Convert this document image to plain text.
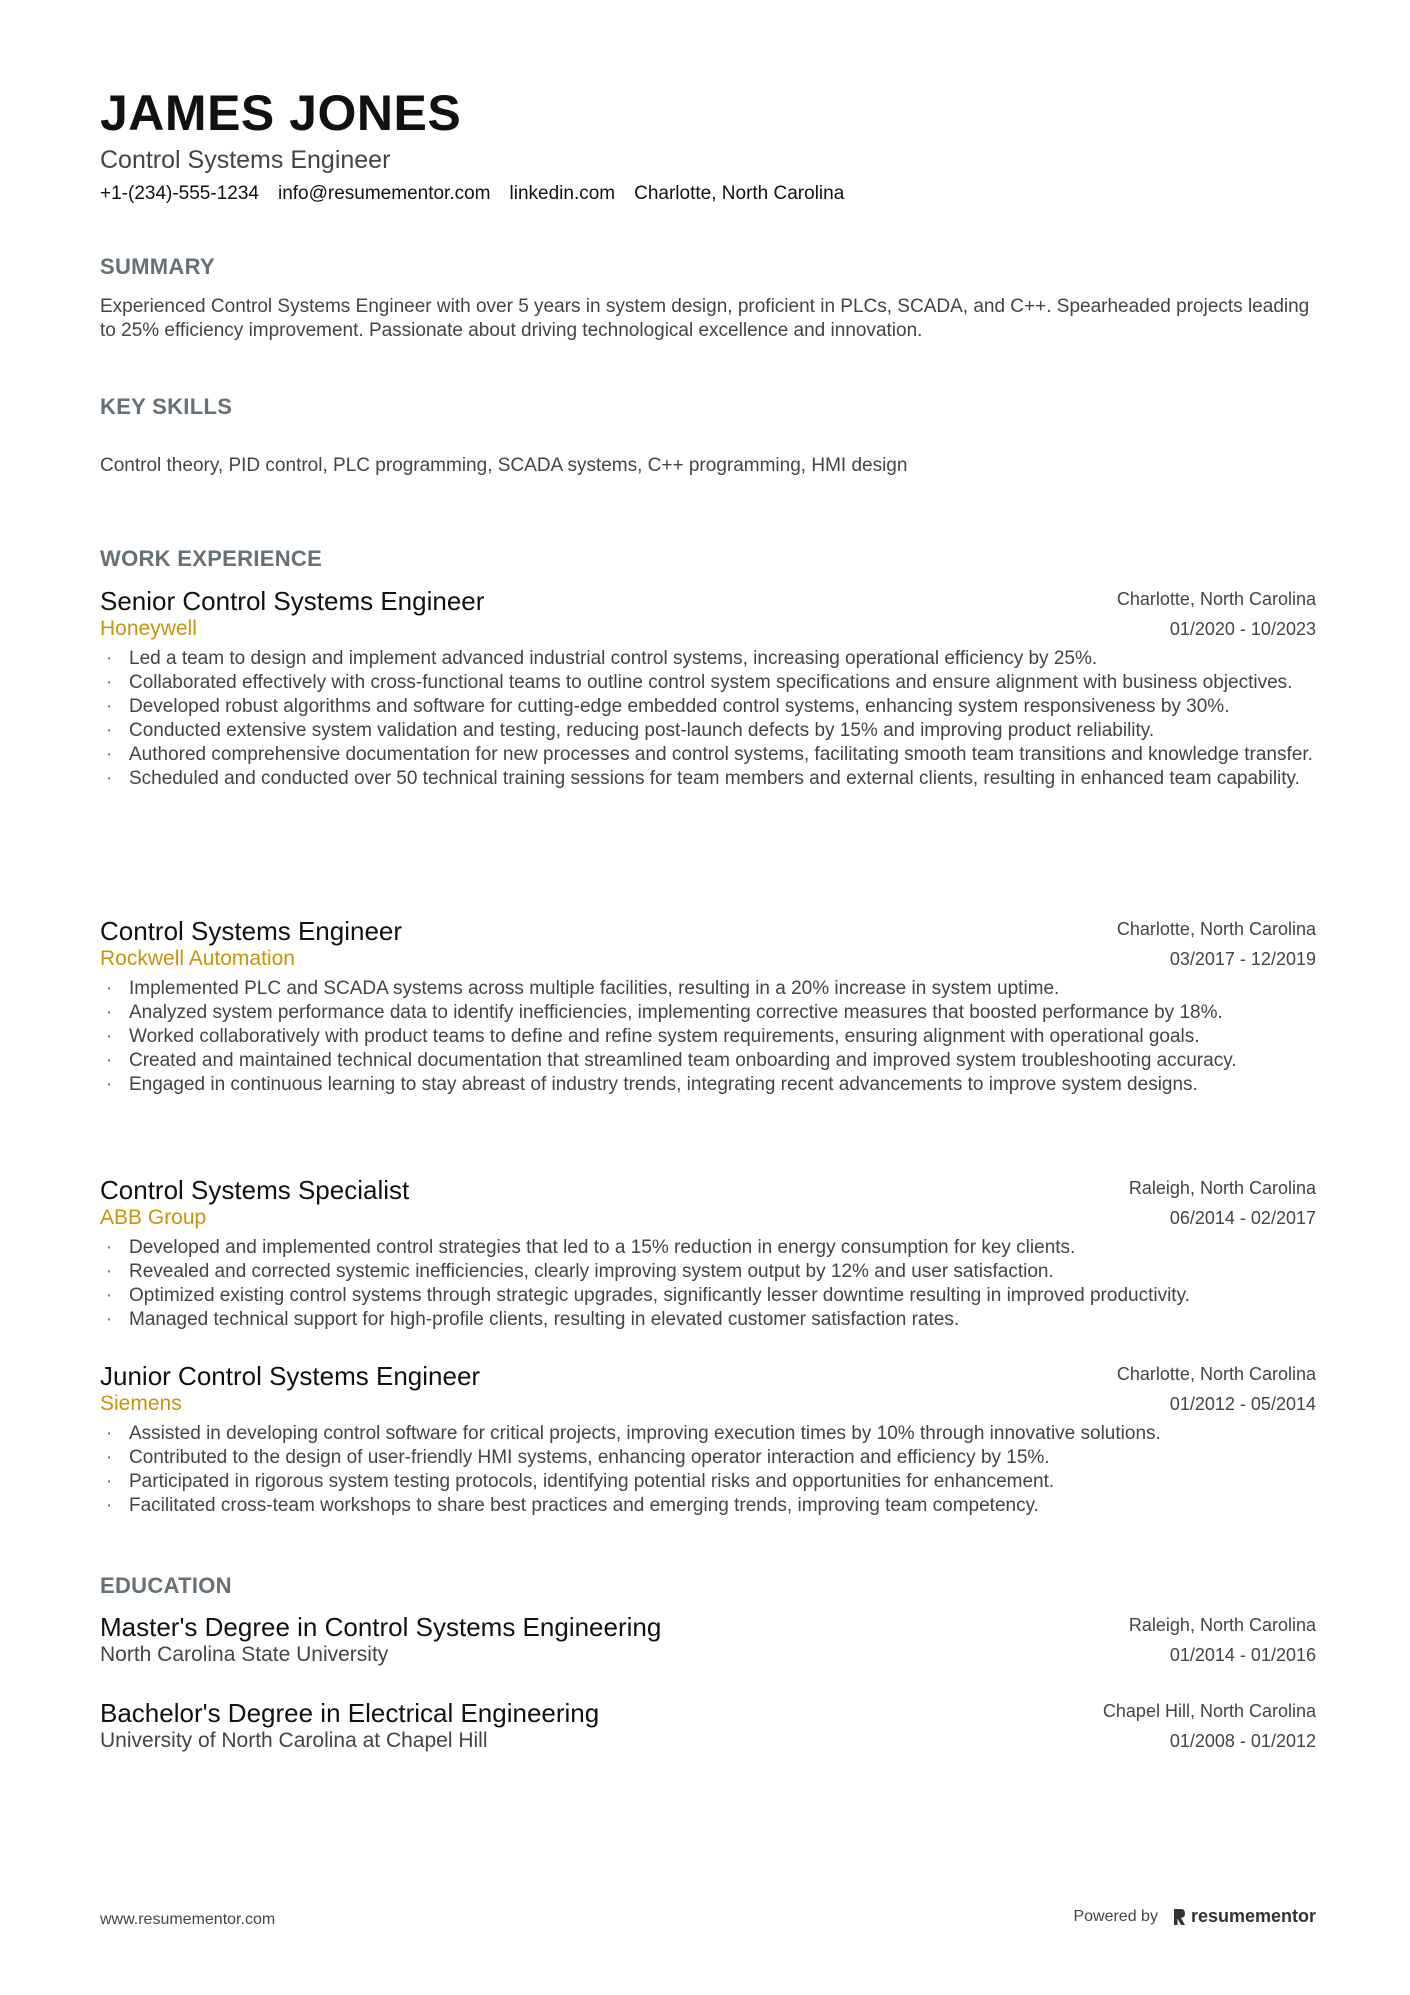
JAMES JONES
Control Systems Engineer
+1-(234)-555-1234 info@resumementor.com linkedin.com Charlotte, North Carolina
SUMMARY
Experienced Control Systems Engineer with over 5 years in system design, proficient in PLCs, SCADA, and C++. Spearheaded projects leading to 25% efficiency improvement. Passionate about driving technological excellence and innovation.
KEY SKILLS
Control theory, PID control, PLC programming, SCADA systems, C++ programming, HMI design
WORK EXPERIENCE
Senior Control Systems Engineer
Honeywell
Charlotte, North Carolina
01/2020 - 10/2023
· Led a team to design and implement advanced industrial control systems, increasing operational efficiency by 25%.
· Collaborated effectively with cross-functional teams to outline control system specifications and ensure alignment with business objectives.
· Developed robust algorithms and software for cutting-edge embedded control systems, enhancing system responsiveness by 30%.
· Conducted extensive system validation and testing, reducing post-launch defects by 15% and improving product reliability.
· Authored comprehensive documentation for new processes and control systems, facilitating smooth team transitions and knowledge transfer.
· Scheduled and conducted over 50 technical training sessions for team members and external clients, resulting in enhanced team capability.
Control Systems Engineer
Rockwell Automation
Charlotte, North Carolina
03/2017 - 12/2019
· Implemented PLC and SCADA systems across multiple facilities, resulting in a 20% increase in system uptime.
· Analyzed system performance data to identify inefficiencies, implementing corrective measures that boosted performance by 18%.
· Worked collaboratively with product teams to define and refine system requirements, ensuring alignment with operational goals.
· Created and maintained technical documentation that streamlined team onboarding and improved system troubleshooting accuracy.
· Engaged in continuous learning to stay abreast of industry trends, integrating recent advancements to improve system designs.
Control Systems Specialist
ABB Group
Raleigh, North Carolina
06/2014 - 02/2017
· Developed and implemented control strategies that led to a 15% reduction in energy consumption for key clients.
· Revealed and corrected systemic inefficiencies, clearly improving system output by 12% and user satisfaction.
· Optimized existing control systems through strategic upgrades, significantly lesser downtime resulting in improved productivity.
· Managed technical support for high-profile clients, resulting in elevated customer satisfaction rates.
Junior Control Systems Engineer
Siemens
Charlotte, North Carolina
01/2012 - 05/2014
· Assisted in developing control software for critical projects, improving execution times by 10% through innovative solutions.
· Contributed to the design of user-friendly HMI systems, enhancing operator interaction and efficiency by 15%.
· Participated in rigorous system testing protocols, identifying potential risks and opportunities for enhancement.
· Facilitated cross-team workshops to share best practices and emerging trends, improving team competency.
EDUCATION
Master's Degree in Control Systems Engineering
North Carolina State University
Raleigh, North Carolina
01/2014 - 01/2016
Bachelor's Degree in Electrical Engineering
University of North Carolina at Chapel Hill
Chapel Hill, North Carolina
01/2008 - 01/2012
www.resumementor.com	Powered by resumementor
